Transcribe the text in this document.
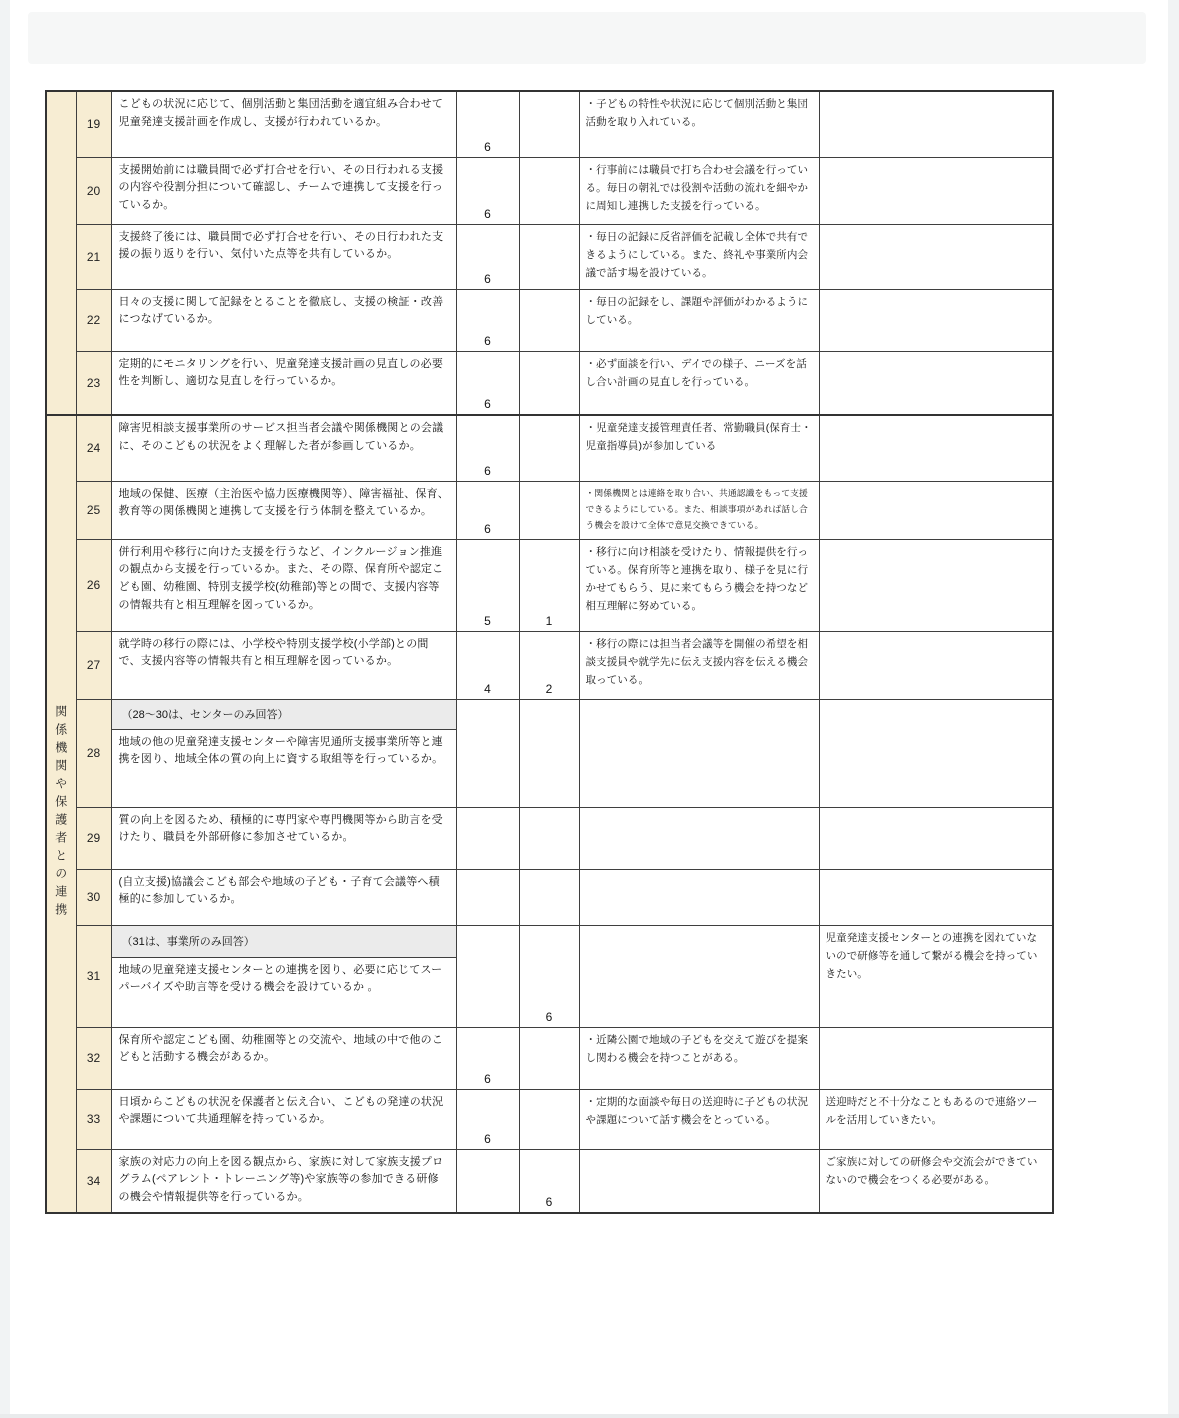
	19	こどもの状況に応じて、個別活動と集団活動を適宜組み合わせて児童発達支援計画を作成し、支援が行われているか。	6		・子どもの特性や状況に応じて個別活動と集団活動を取り入れている。	
	20	支援開始前には職員間で必ず打合せを行い、その日行われる支援の内容や役割分担について確認し、チームで連携して支援を行っているか。	6		・行事前には職員で打ち合わせ会議を行っている。毎日の朝礼では役割や活動の流れを細やかに周知し連携した支援を行っている。	
	21	支援終了後には、職員間で必ず打合せを行い、その日行われた支援の振り返りを行い、気付いた点等を共有しているか。	6		・毎日の記録に反省評価を記載し全体で共有できるようにしている。また、終礼や事業所内会議で話す場を設けている。	
	22	日々の支援に関して記録をとることを徹底し、支援の検証・改善につなげているか。	6		・毎日の記録をし、課題や評価がわかるようにしている。	
	23	定期的にモニタリングを行い、児童発達支援計画の見直しの必要性を判断し、適切な見直しを行っているか。	6		・必ず面談を行い、デイでの様子、ニーズを話し合い計画の見直しを行っている。	
関係機関や保護者との連携	24	障害児相談支援事業所のサービス担当者会議や関係機関との会議に、そのこどもの状況をよく理解した者が参画しているか。	6		・児童発達支援管理責任者、常勤職員(保育士・児童指導員)が参加している	
	25	地域の保健、医療（主治医や協力医療機関等）、障害福祉、保育、教育等の関係機関と連携して支援を行う体制を整えているか。	6		・関係機関とは連絡を取り合い、共通認識をもって支援できるようにしている。また、相談事項があれば話し合う機会を設けて全体で意見交換できている。	
	26	併行利用や移行に向けた支援を行うなど、インクルージョン推進の観点から支援を行っているか。また、その際、保育所や認定こども園、幼稚園、特別支援学校(幼稚部)等との間で、支援内容等の情報共有と相互理解を図っているか。	5	1	・移行に向け相談を受けたり、情報提供を行っている。保育所等と連携を取り、様子を見に行かせてもらう、見に来てもらう機会を持つなど相互理解に努めている。	
	27	就学時の移行の際には、小学校や特別支援学校(小学部)との間で、支援内容等の情報共有と相互理解を図っているか。	4	2	・移行の際には担当者会議等を開催の希望を相談支援員や就学先に伝え支援内容を伝える機会取っている。	
	28	（28～30は、センターのみ回答）				
		地域の他の児童発達支援センターや障害児通所支援事業所等と連携を図り、地域全体の質の向上に資する取組等を行っているか。				
	29	質の向上を図るため、積極的に専門家や専門機関等から助言を受けたり、職員を外部研修に参加させているか。				
	30	(自立支援)協議会こども部会や地域の子ども・子育て会議等へ積極的に参加しているか。				
	31	（31は、事業所のみ回答）		6		児童発達支援センターとの連携を図れていないので研修等を通して繋がる機会を持っていきたい。
		地域の児童発達支援センターとの連携を図り、必要に応じてスーパーバイズや助言等を受ける機会を設けているか 。				
	32	保育所や認定こども園、幼稚園等との交流や、地域の中で他のこどもと活動する機会があるか。	6		・近隣公園で地域の子どもを交えて遊びを提案し関わる機会を持つことがある。	
	33	日頃からこどもの状況を保護者と伝え合い、こどもの発達の状況や課題について共通理解を持っているか。	6		・定期的な面談や毎日の送迎時に子どもの状況や課題について話す機会をとっている。	送迎時だと不十分なこともあるので連絡ツールを活用していきたい。
	34	家族の対応力の向上を図る観点から、家族に対して家族支援プログラム(ペアレント・トレーニング等)や家族等の参加できる研修の機会や情報提供等を行っているか。		6		ご家族に対しての研修会や交流会ができていないので機会をつくる必要がある。
